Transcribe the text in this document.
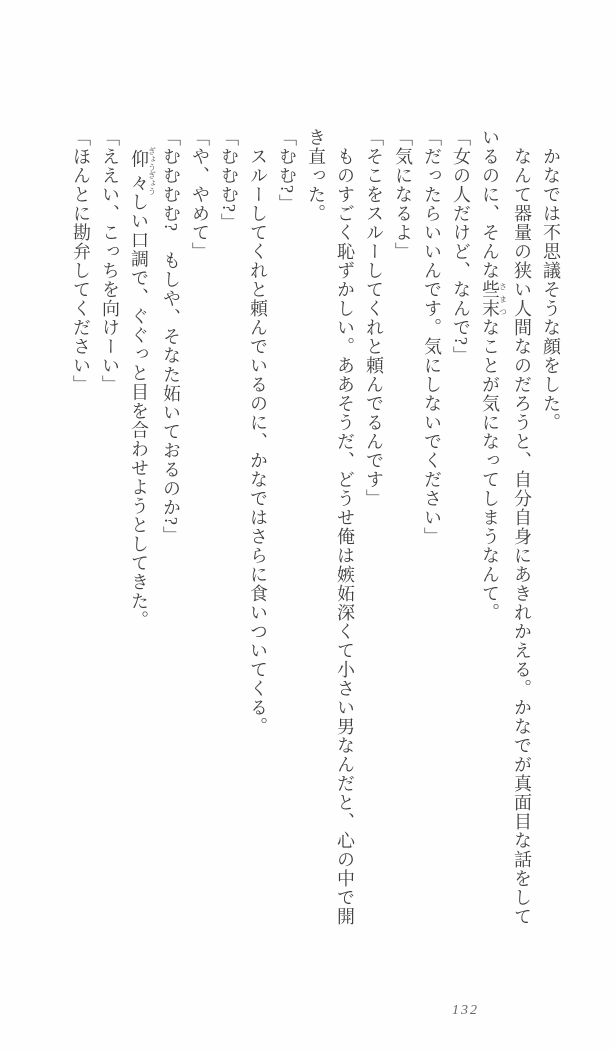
かなでは不思議そうな顔をした。

なんて器量の狭い人間なのだろうと、自分自身にあきれかえる。かなでが真面目な話をして

いるのに、そんな些末さまつなことが気になってしまうなんて。

「女の人だけど、なんで?」

「だったらいいんです。気にしないでください」

「気になるよ」

「そこをスルーしてくれと頼んでるんです」

ものすごく恥ずかしい。ああそうだ、どうせ俺は嫉妬深くて小さい男なんだと、心の中で開

き直った。

「むむ?」

スルーしてくれと頼んでいるのに、かなではさらに食いついてくる。

「むむむ?」

「や、やめて」

「むむむむ?　もしや、そなた妬いておるのか?」

仰々ぎょうぎょうしい口調で、ぐぐっと目を合わせようとしてきた。

「ええい、こっちを向けーい」

「ほんとに勘弁してください」

132
